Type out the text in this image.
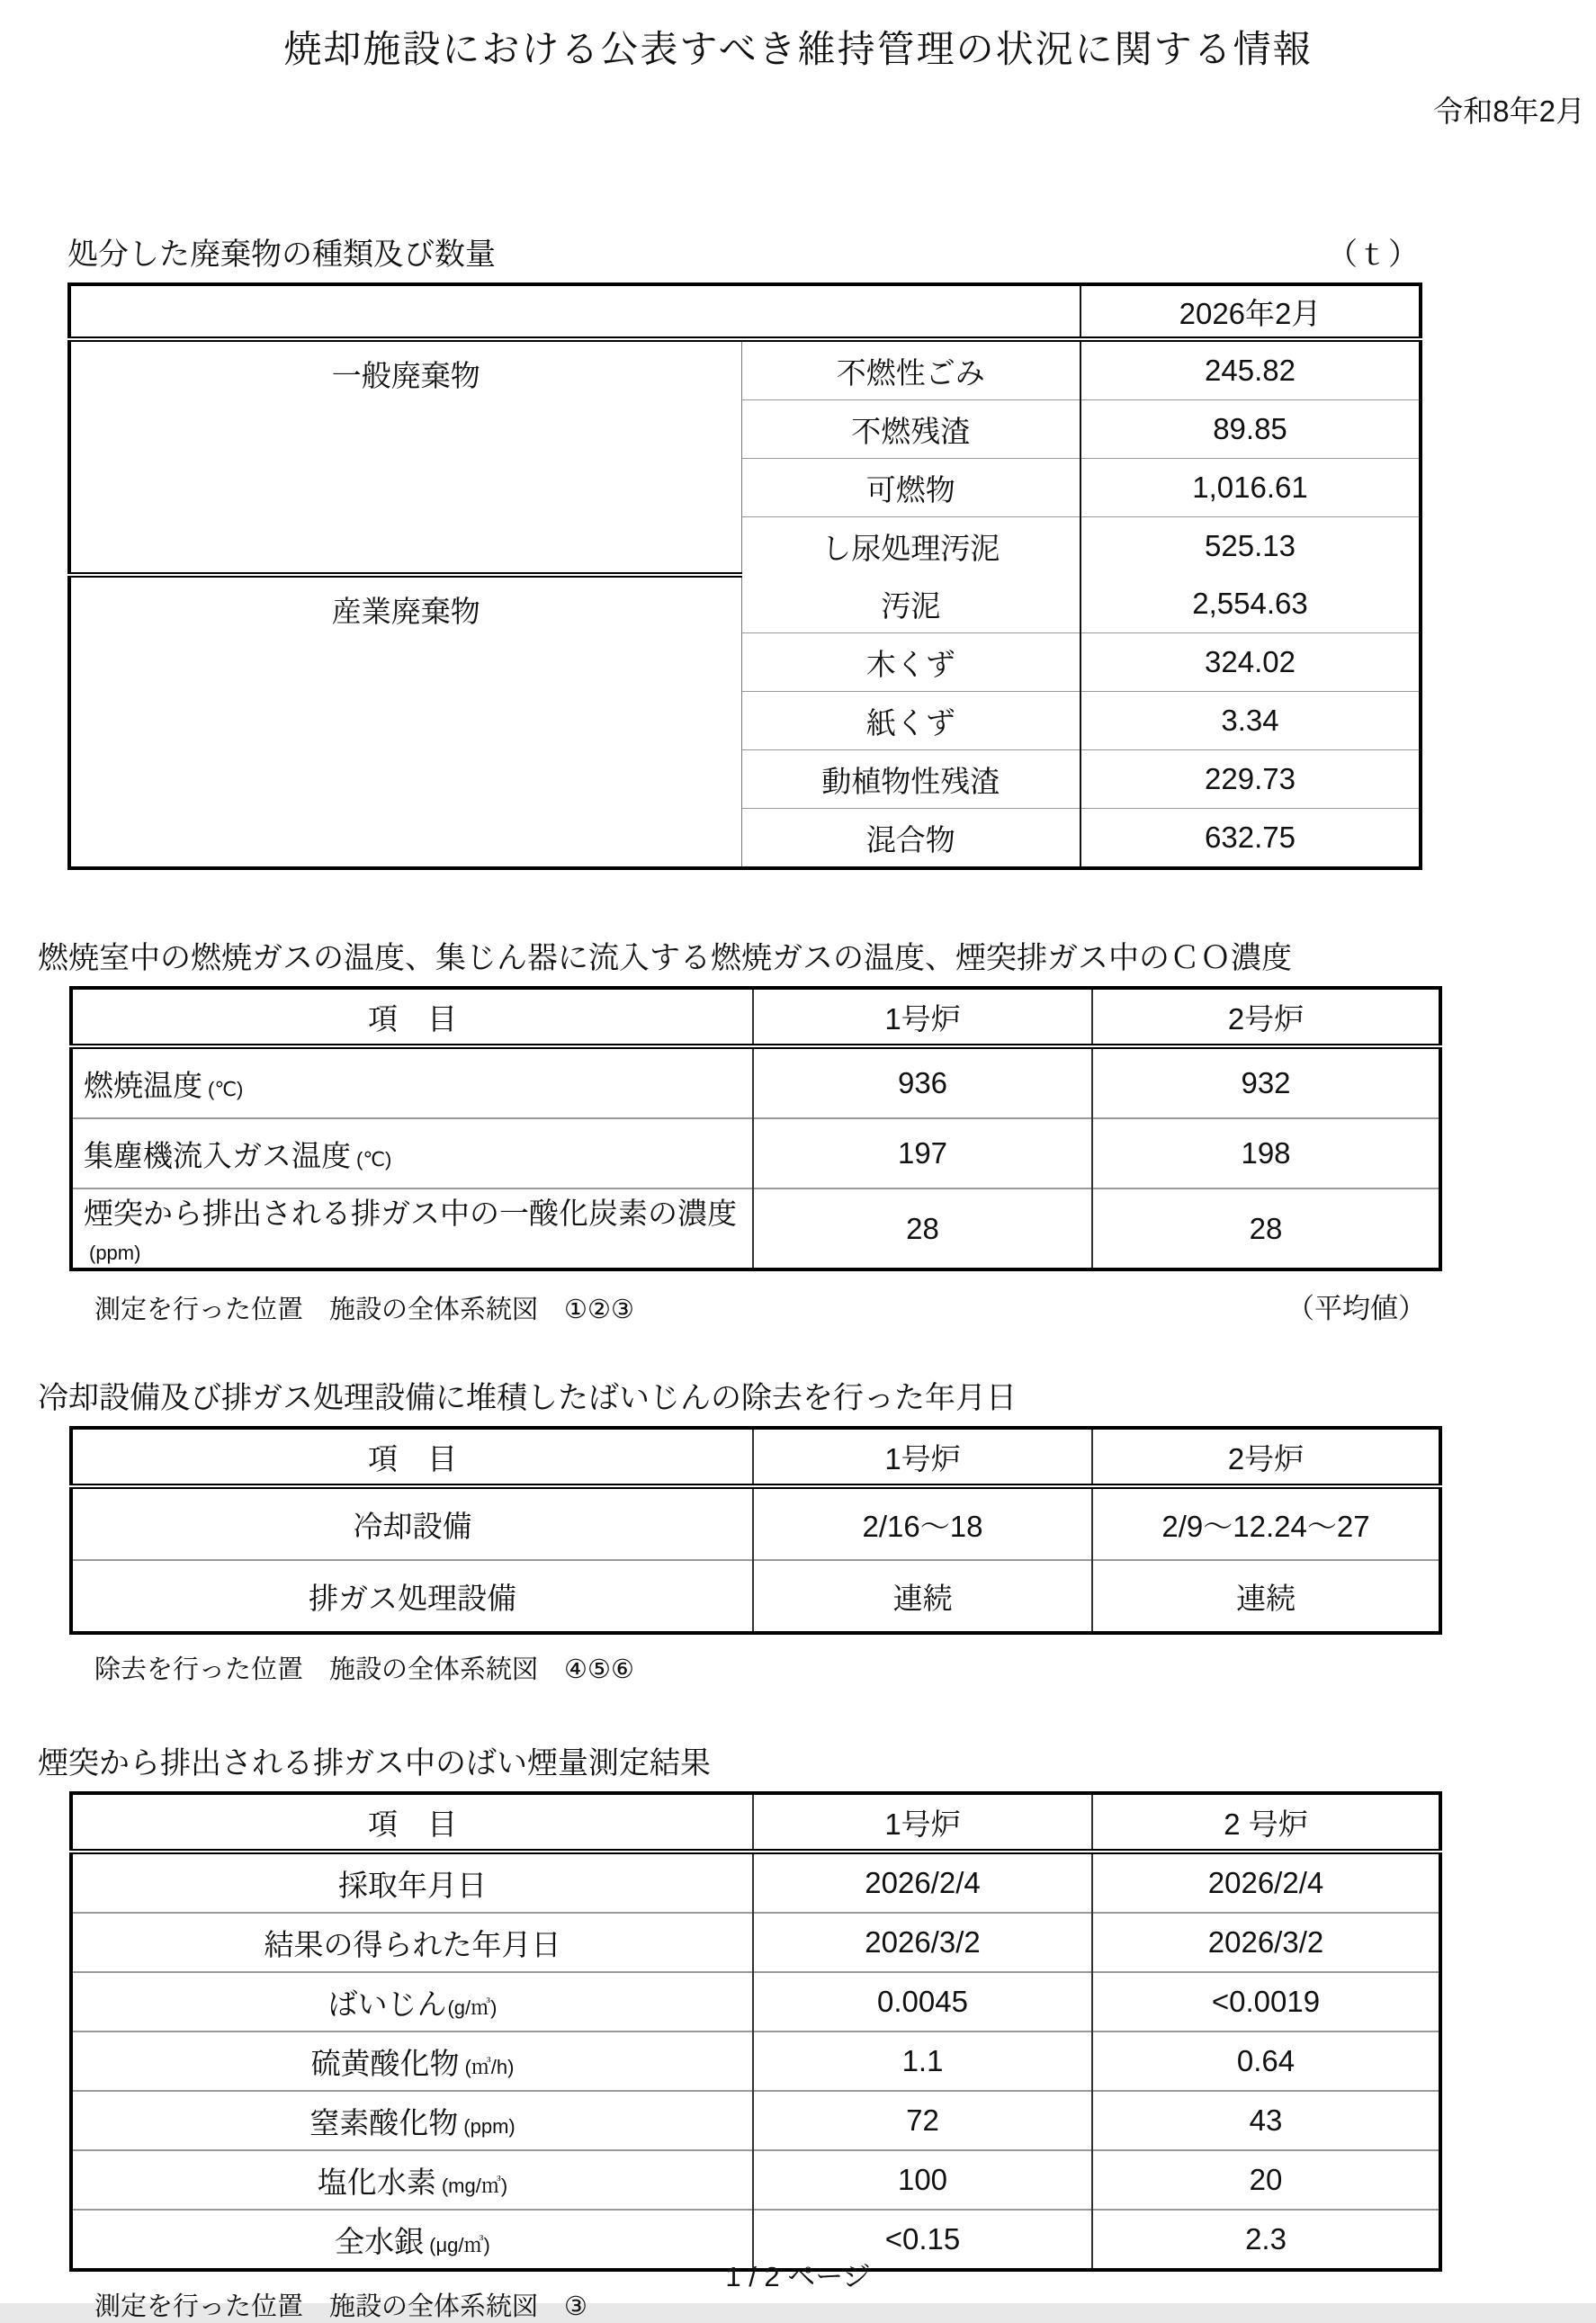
焼却施設における公表すべき維持管理の状況に関する情報
令和8年2月
処分した廃棄物の種類及び数量	（ｔ）
		2026年2月
一般廃棄物	不燃性ごみ	245.82
	不燃残渣	89.85
	可燃物	1,016.61
	し尿処理汚泥	525.13
産業廃棄物	汚泥	2,554.63
	木くず	324.02
	紙くず	3.34
	動植物性残渣	229.73
	混合物	632.75
燃焼室中の燃焼ガスの温度、集じん器に流入する燃焼ガスの温度、煙突排ガス中のＣＯ濃度
項　目	1号炉	2号炉
燃焼温度 (℃)	936	932
集塵機流入ガス温度 (℃)	197	198
煙突から排出される排ガス中の一酸化炭素の濃度(ppm)	28	28
測定を行った位置　施設の全体系統図　①②③	（平均値）
冷却設備及び排ガス処理設備に堆積したばいじんの除去を行った年月日
項　目	1号炉	2号炉
冷却設備	2/16～18	2/9～12.24～27
排ガス処理設備	連続	連続
除去を行った位置　施設の全体系統図　④⑤⑥
煙突から排出される排ガス中のばい煙量測定結果
項　目	1号炉	2 号炉
採取年月日	2026/2/4	2026/2/4
結果の得られた年月日	2026/3/2	2026/3/2
ばいじん(g/㎥)	0.0045	<0.0019
硫黄酸化物 (㎥/h)	1.1	0.64
窒素酸化物 (ppm)	72	43
塩化水素 (mg/㎥)	100	20
全水銀 (μg/㎥)	<0.15	2.3
測定を行った位置　施設の全体系統図　③
1 / 2 ページ
